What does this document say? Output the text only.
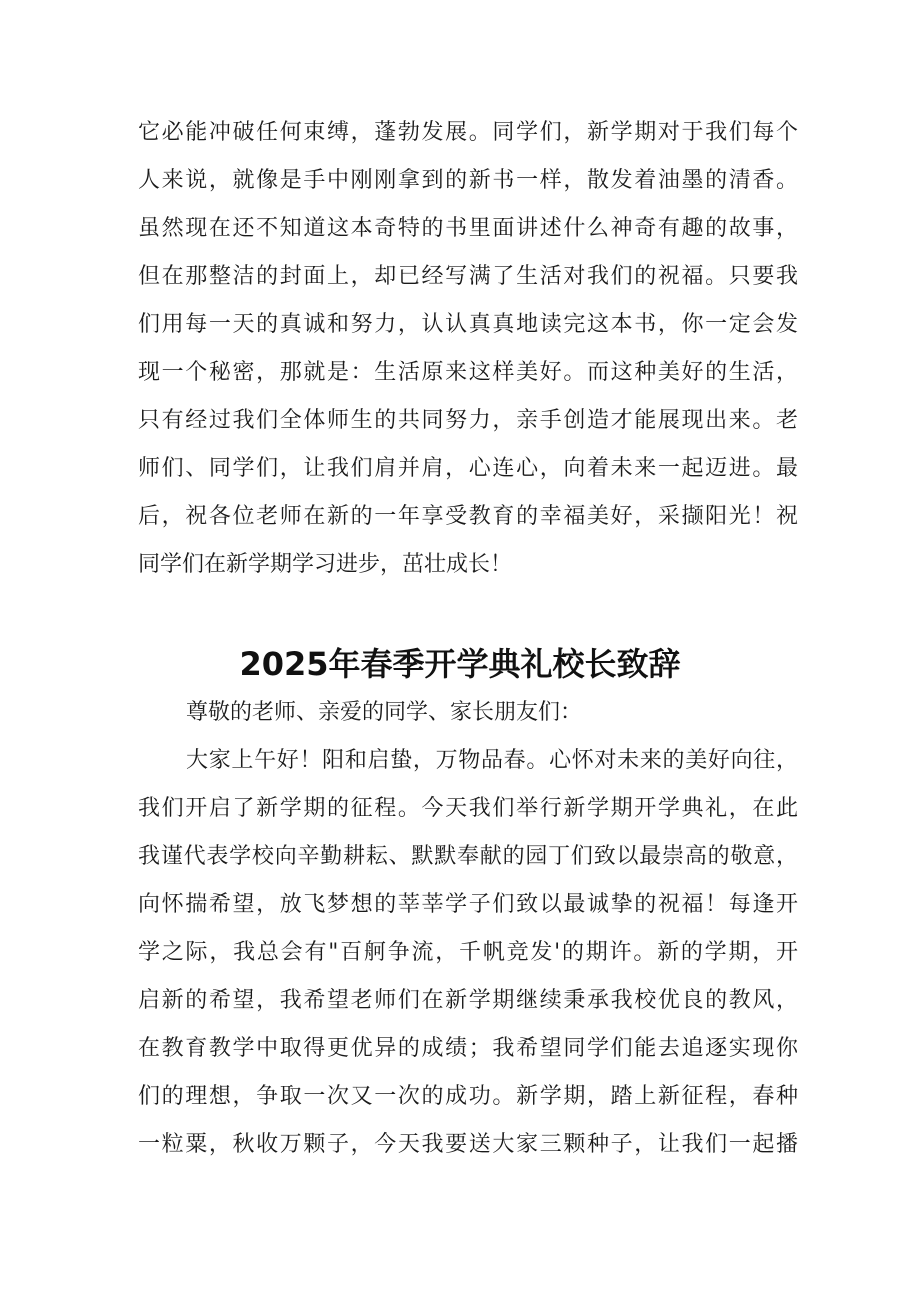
它必能冲破任何束缚，蓬勃发展。同学们，新学期对于我们每个
人来说，就像是手中刚刚拿到的新书一样，散发着油墨的清香。
虽然现在还不知道这本奇特的书里面讲述什么神奇有趣的故事，
但在那整洁的封面上，却已经写满了生活对我们的祝福。只要我
们用每一天的真诚和努力，认认真真地读完这本书，你一定会发
现一个秘密，那就是：生活原来这样美好。而这种美好的生活，
只有经过我们全体师生的共同努力，亲手创造才能展现出来。老
师们、同学们，让我们肩并肩，心连心，向着未来一起迈进。最
后，祝各位老师在新的一年享受教育的幸福美好，采撷阳光！祝
同学们在新学期学习进步，茁壮成长！
2025年春季开学典礼校长致辞
尊敬的老师、亲爱的同学、家长朋友们：
大家上午好！阳和启蛰，万物品春。心怀对未来的美好向往，
我们开启了新学期的征程。今天我们举行新学期开学典礼，在此
我谨代表学校向辛勤耕耘、默默奉献的园丁们致以最崇高的敬意，
向怀揣希望，放飞梦想的莘莘学子们致以最诚挚的祝福！每逢开
学之际，我总会有"百舸争流，千帆竞发'的期许。新的学期，开
启新的希望，我希望老师们在新学期继续秉承我校优良的教风，
在教育教学中取得更优异的成绩；我希望同学们能去追逐实现你
们的理想，争取一次又一次的成功。新学期，踏上新征程，春种
一粒粟，秋收万颗子，今天我要送大家三颗种子，让我们一起播
